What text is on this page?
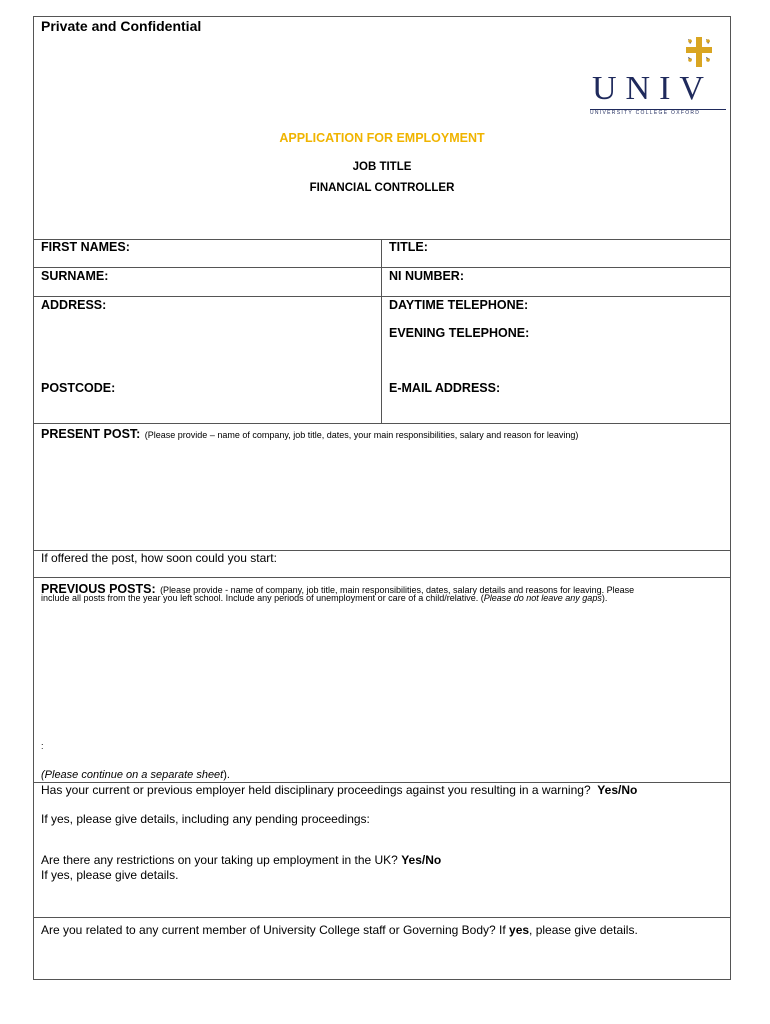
Private and Confidential
UNIV
UNIVERSITY COLLEGE OXFORD
APPLICATION FOR EMPLOYMENT
JOB TITLE
FINANCIAL CONTROLLER
FIRST NAMES:	TITLE:
SURNAME:	NI NUMBER:
ADDRESS:	DAYTIME TELEPHONE:
EVENING TELEPHONE:
POSTCODE:	E-MAIL ADDRESS:
PRESENT POST: (Please provide – name of company, job title, dates, your main responsibilities, salary and reason for leaving)
If offered the post, how soon could you start:
PREVIOUS POSTS: (Please provide - name of company, job title, main responsibilities, dates, salary details and reasons for leaving. Please
include all posts from the year you left school. Include any periods of unemployment or care of a child/relative. (Please do not leave any gaps).
:
(Please continue on a separate sheet).
Has your current or previous employer held disciplinary proceedings against you resulting in a warning? Yes/No
If yes, please give details, including any pending proceedings:
Are there any restrictions on your taking up employment in the UK? Yes/No
If yes, please give details.
Are you related to any current member of University College staff or Governing Body? If yes, please give details.
